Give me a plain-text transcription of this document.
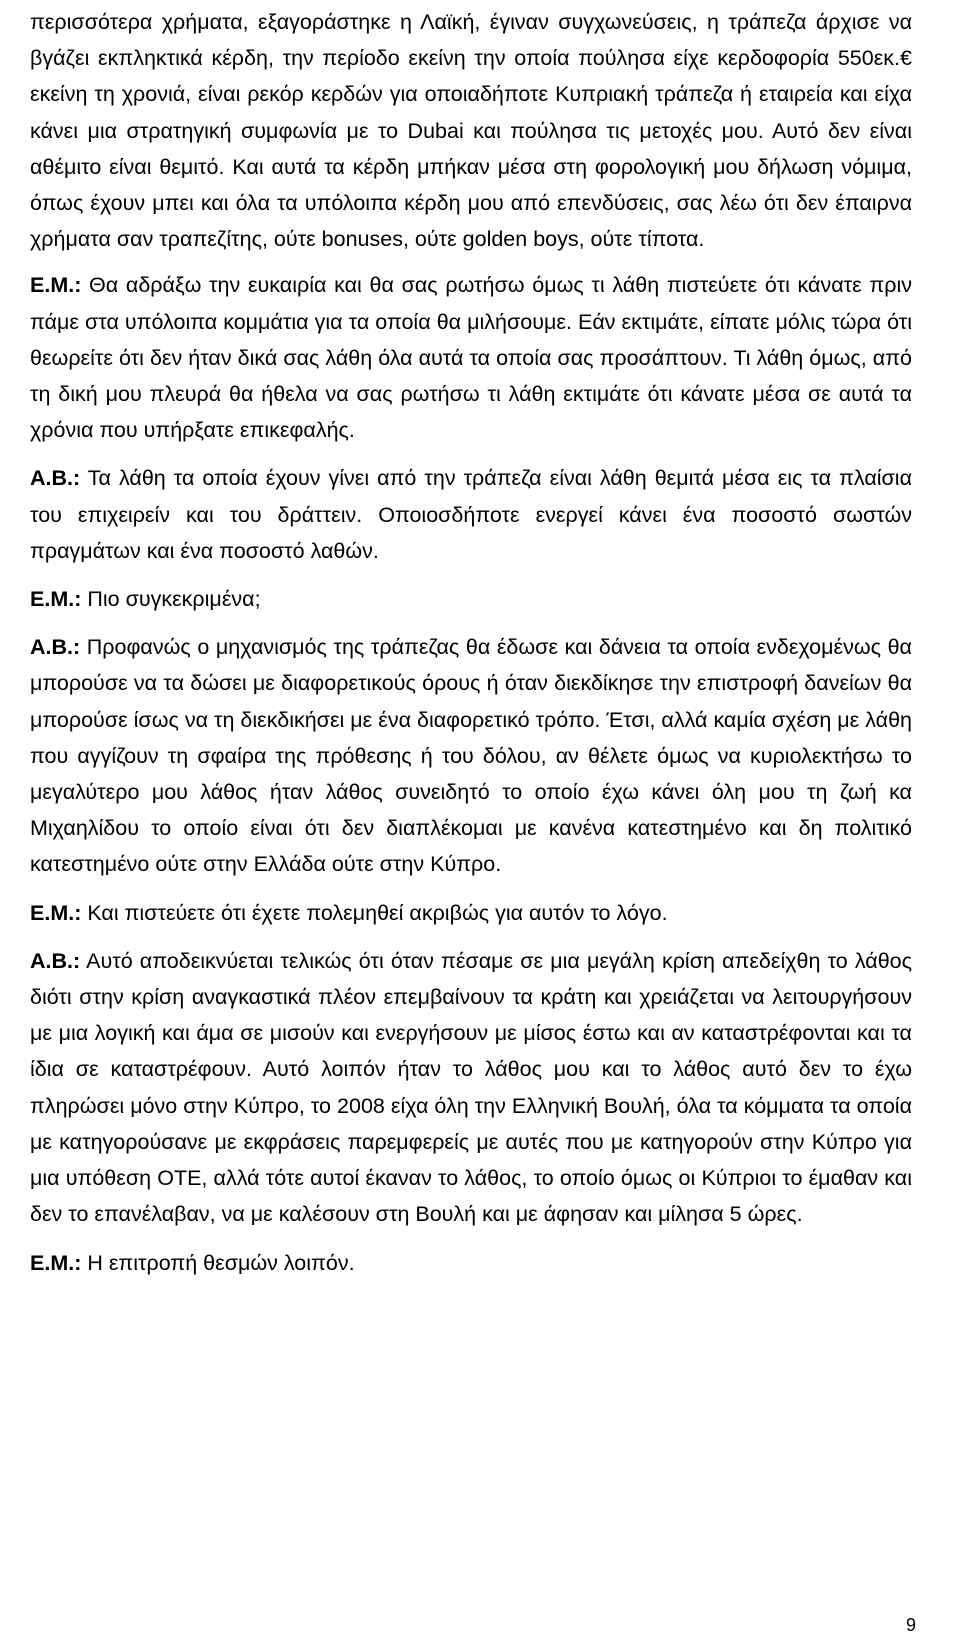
περισσότερα χρήματα, εξαγοράστηκε η Λαϊκή, έγιναν συγχωνεύσεις, η τράπεζα άρχισε να βγάζει εκπληκτικά κέρδη, την περίοδο εκείνη την οποία πούλησα είχε κερδοφορία 550εκ.€ εκείνη τη χρονιά, είναι ρεκόρ κερδών για οποιαδήποτε Κυπριακή τράπεζα ή εταιρεία και είχα κάνει μια στρατηγική συμφωνία με το Dubai και πούλησα τις μετοχές μου. Αυτό δεν είναι αθέμιτο είναι θεμιτό. Και αυτά τα κέρδη μπήκαν μέσα στη φορολογική μου δήλωση νόμιμα, όπως έχουν μπει και όλα τα υπόλοιπα κέρδη μου από επενδύσεις, σας λέω ότι δεν έπαιρνα χρήματα σαν τραπεζίτης, ούτε bonuses, ούτε golden boys, ούτε τίποτα.

Ε.Μ.: Θα αδράξω την ευκαιρία και θα σας ρωτήσω όμως τι λάθη πιστεύετε ότι κάνατε πριν πάμε στα υπόλοιπα κομμάτια για τα οποία θα μιλήσουμε. Εάν εκτιμάτε, είπατε μόλις τώρα ότι θεωρείτε ότι δεν ήταν δικά σας λάθη όλα αυτά τα οποία σας προσάπτουν. Τι λάθη όμως, από τη δική μου πλευρά θα ήθελα να σας ρωτήσω τι λάθη εκτιμάτε ότι κάνατε μέσα σε αυτά τα χρόνια που υπήρξατε επικεφαλής.

Α.Β.: Τα λάθη τα οποία έχουν γίνει από την τράπεζα είναι λάθη θεμιτά μέσα εις τα πλαίσια του επιχειρείν και του δράττειν. Οποιοσδήποτε ενεργεί κάνει ένα ποσοστό σωστών πραγμάτων και ένα ποσοστό λαθών.

Ε.Μ.: Πιο συγκεκριμένα;

Α.Β.: Προφανώς ο μηχανισμός της τράπεζας θα έδωσε και δάνεια τα οποία ενδεχομένως θα μπορούσε να τα δώσει με διαφορετικούς όρους ή όταν διεκδίκησε την επιστροφή δανείων θα μπορούσε ίσως να τη διεκδικήσει με ένα διαφορετικό τρόπο. Έτσι, αλλά καμία σχέση με λάθη που αγγίζουν τη σφαίρα της πρόθεσης ή του δόλου, αν θέλετε όμως να κυριολεκτήσω το μεγαλύτερο μου λάθος ήταν λάθος συνειδητό το οποίο έχω κάνει όλη μου τη ζωή κα Μιχαηλίδου το οποίο είναι ότι δεν διαπλέκομαι με κανένα κατεστημένο και δη πολιτικό κατεστημένο ούτε στην Ελλάδα ούτε στην Κύπρο.

Ε.Μ.: Και πιστεύετε ότι έχετε πολεμηθεί ακριβώς για αυτόν το λόγο.

Α.Β.: Αυτό αποδεικνύεται τελικώς ότι όταν πέσαμε σε μια μεγάλη κρίση απεδείχθη το λάθος διότι στην κρίση αναγκαστικά πλέον επεμβαίνουν τα κράτη και χρειάζεται να λειτουργήσουν με μια λογική και άμα σε μισούν και ενεργήσουν με μίσος έστω και αν καταστρέφονται και τα ίδια σε καταστρέφουν. Αυτό λοιπόν ήταν το λάθος μου και το λάθος αυτό δεν το έχω πληρώσει μόνο στην Κύπρο, το 2008 είχα όλη την Ελληνική Βουλή, όλα τα κόμματα τα οποία με κατηγορούσανε με εκφράσεις παρεμφερείς με αυτές που με κατηγορούν στην Κύπρο για μια υπόθεση ΟΤΕ, αλλά τότε αυτοί έκαναν το λάθος, το οποίο όμως οι Κύπριοι το έμαθαν και δεν το επανέλαβαν, να με καλέσουν στη Βουλή και με άφησαν και μίλησα 5 ώρες.

Ε.Μ.: Η επιτροπή θεσμών λοιπόν.

9
